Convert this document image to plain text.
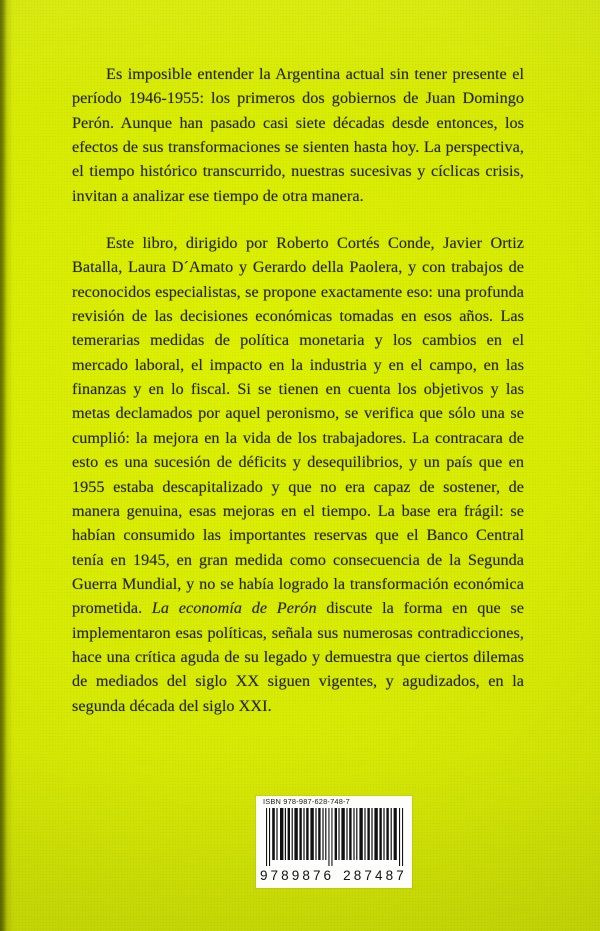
Es imposible entender la Argentina actual sin tener presente el período 1946-1955: los primeros dos gobiernos de Juan Domingo Perón. Aunque han pasado casi siete décadas desde entonces, los efectos de sus transformaciones se sienten hasta hoy. La perspectiva, el tiempo histórico transcurrido, nuestras sucesivas y cíclicas crisis, invitan a analizar ese tiempo de otra manera.

Este libro, dirigido por Roberto Cortés Conde, Javier Ortiz Batalla, Laura D´Amato y Gerardo della Paolera, y con trabajos de reconocidos especialistas, se propone exactamente eso: una profunda revisión de las decisiones económicas tomadas en esos años. Las temerarias medidas de política monetaria y los cambios en el mercado laboral, el impacto en la industria y en el campo, en las finanzas y en lo fiscal. Si se tienen en cuenta los objetivos y las metas declamados por aquel peronismo, se verifica que sólo una se cumplió: la mejora en la vida de los trabajadores. La contracara de esto es una sucesión de déficits y desequilibrios, y un país que en 1955 estaba descapitalizado y que no era capaz de sostener, de manera genuina, esas mejoras en el tiempo. La base era frágil: se habían consumido las importantes reservas que el Banco Central tenía en 1945, en gran medida como consecuencia de la Segunda Guerra Mundial, y no se había logrado la transformación económica prometida. La economía de Perón discute la forma en que se implementaron esas políticas, señala sus numerosas contradicciones, hace una crítica aguda de su legado y demuestra que ciertos dilemas de mediados del siglo XX siguen vigentes, y agudizados, en la segunda década del siglo XXI.

ISBN 978-987-628-748-7
9 789876 287487
